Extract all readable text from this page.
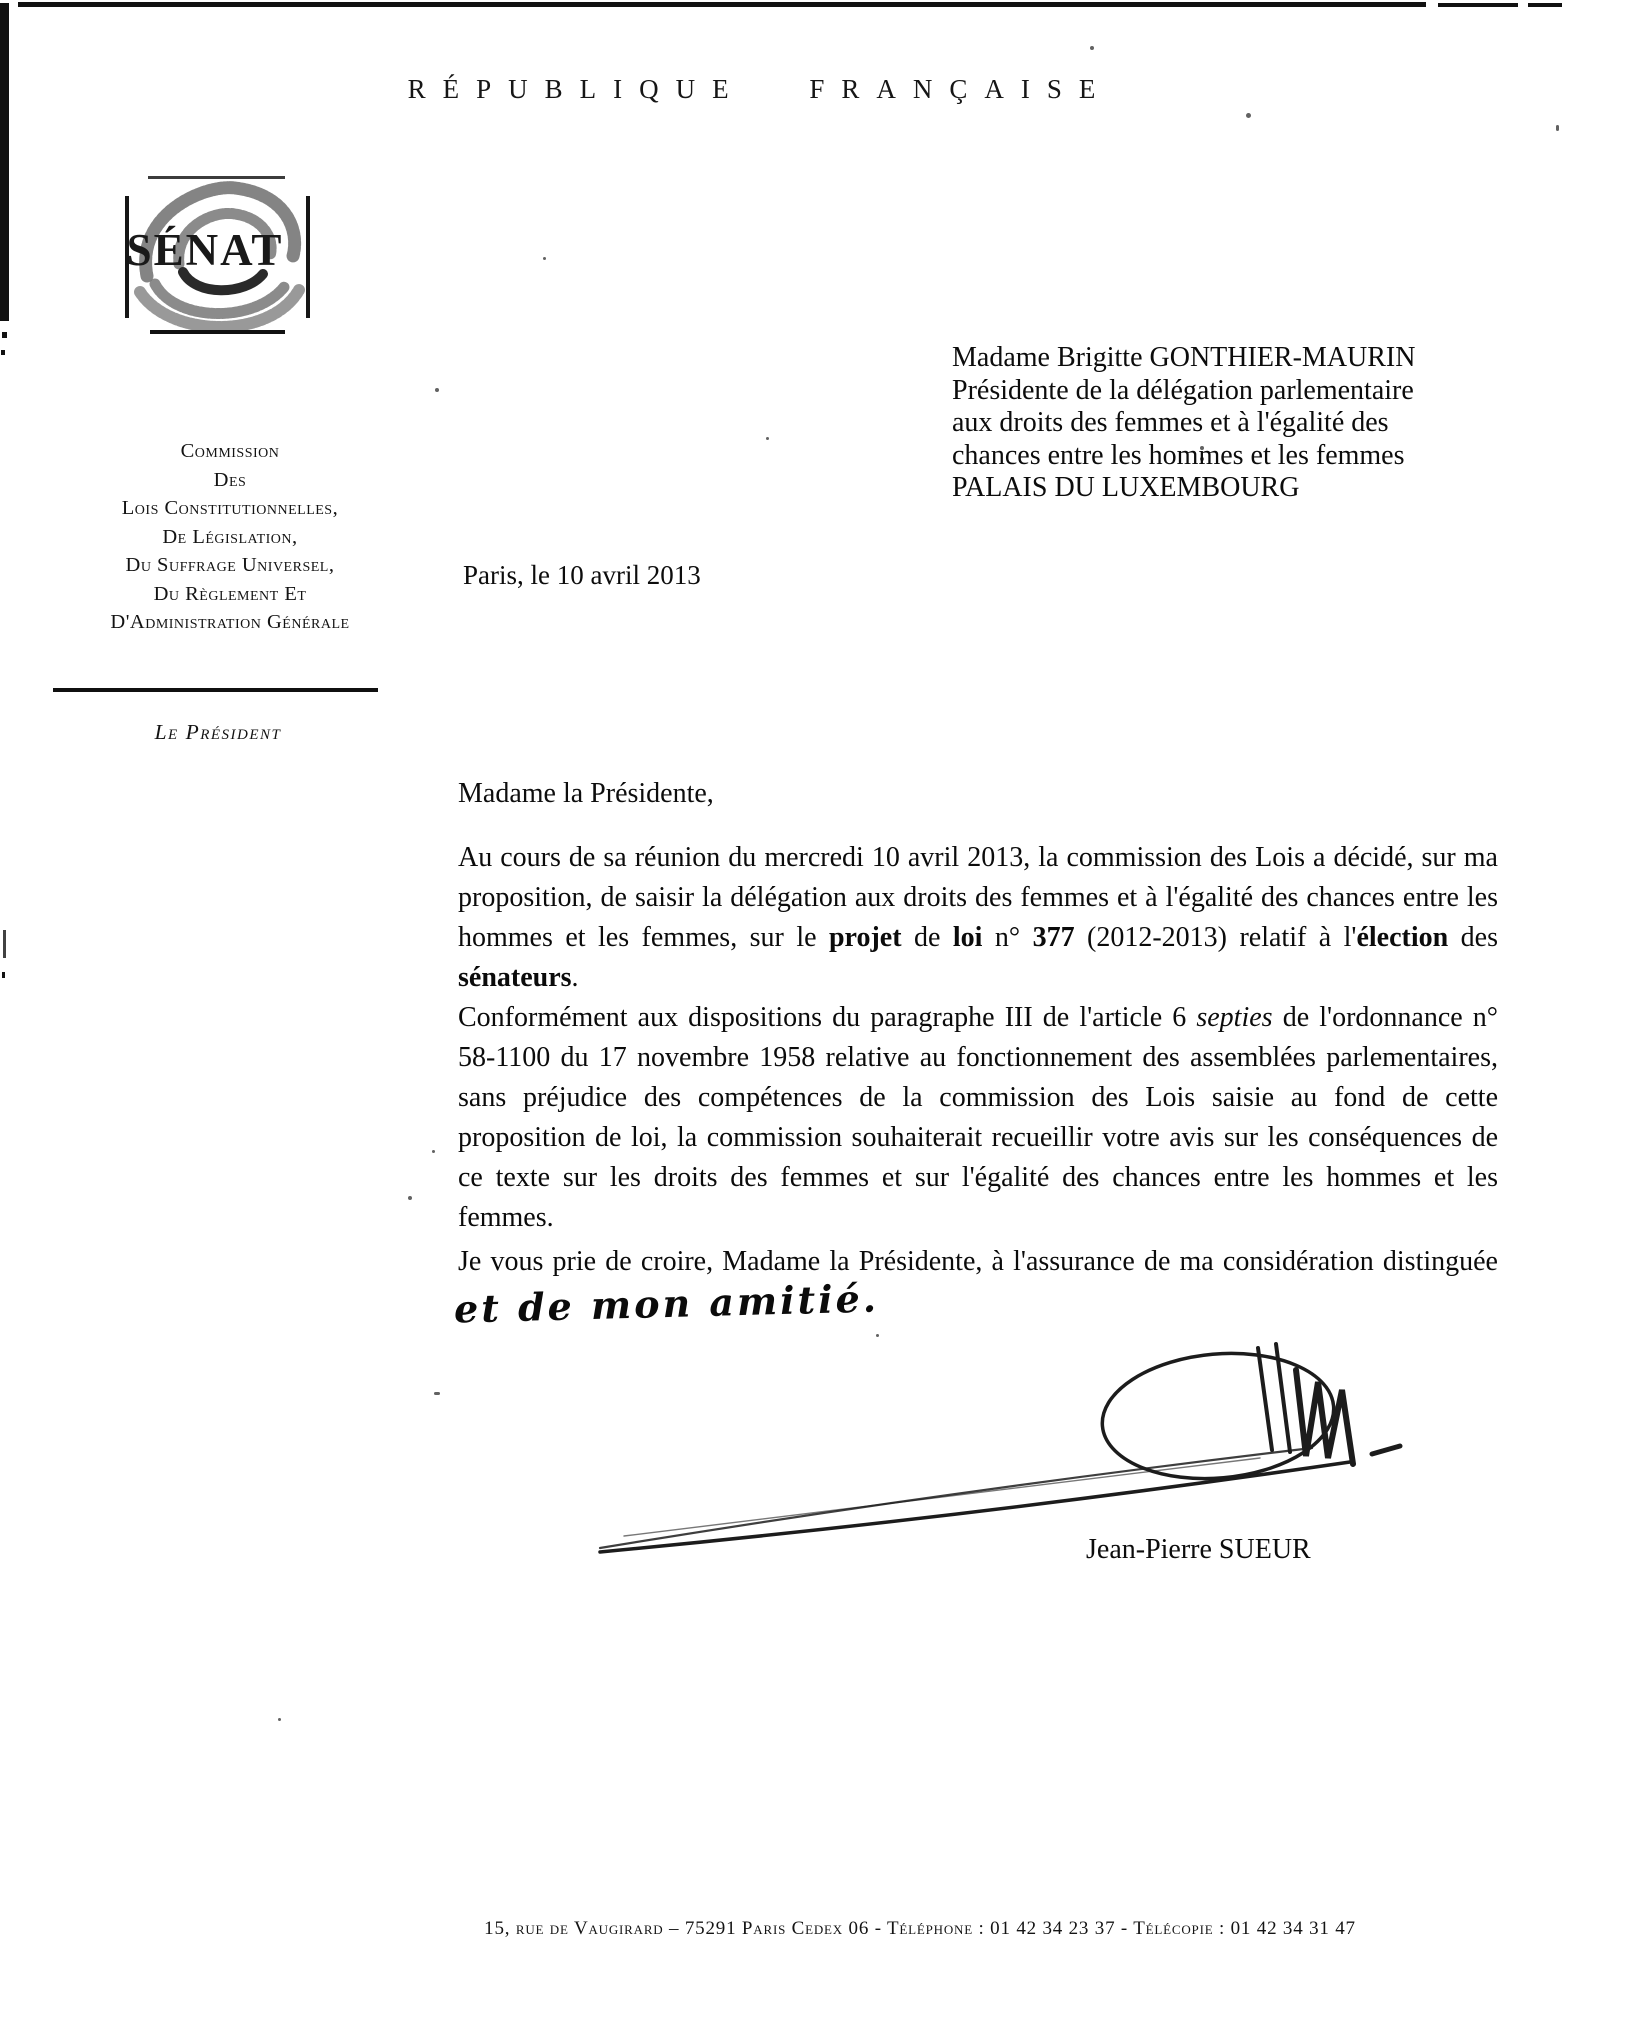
RÉPUBLIQUE FRANÇAISE
SÉNAT
Madame Brigitte GONTHIER-MAURIN
Présidente de la délégation parlementaire
aux droits des femmes et à l'égalité des
chances entre les hommes et les femmes
PALAIS DU LUXEMBOURG
Commission
Des
Lois Constitutionnelles,
De Législation,
Du Suffrage Universel,
Du Règlement Et
D'Administration Générale
Paris, le 10 avril 2013
Le Président
Madame la Présidente,
Au cours de sa réunion du mercredi 10 avril 2013, la commission des Lois a décidé, sur ma proposition, de saisir la délégation aux droits des femmes et à l'égalité des chances entre les hommes et les femmes, sur le projet de loi n° 377 (2012-2013) relatif à l'élection des sénateurs.
Conformément aux dispositions du paragraphe III de l'article 6 septies de l'ordonnance n° 58-1100 du 17 novembre 1958 relative au fonctionnement des assemblées parlementaires, sans préjudice des compétences de la commission des Lois saisie au fond de cette proposition de loi, la commission souhaiterait recueillir votre avis sur les conséquences de ce texte sur les droits des femmes et sur l'égalité des chances entre les hommes et les femmes.
Je vous prie de croire, Madame la Présidente, à l'assurance de ma considération distinguéeet de mon amitié.
Jean-Pierre SUEUR
15, rue de Vaugirard – 75291 Paris Cedex 06 - Téléphone : 01 42 34 23 37 - Télécopie : 01 42 34 31 47
